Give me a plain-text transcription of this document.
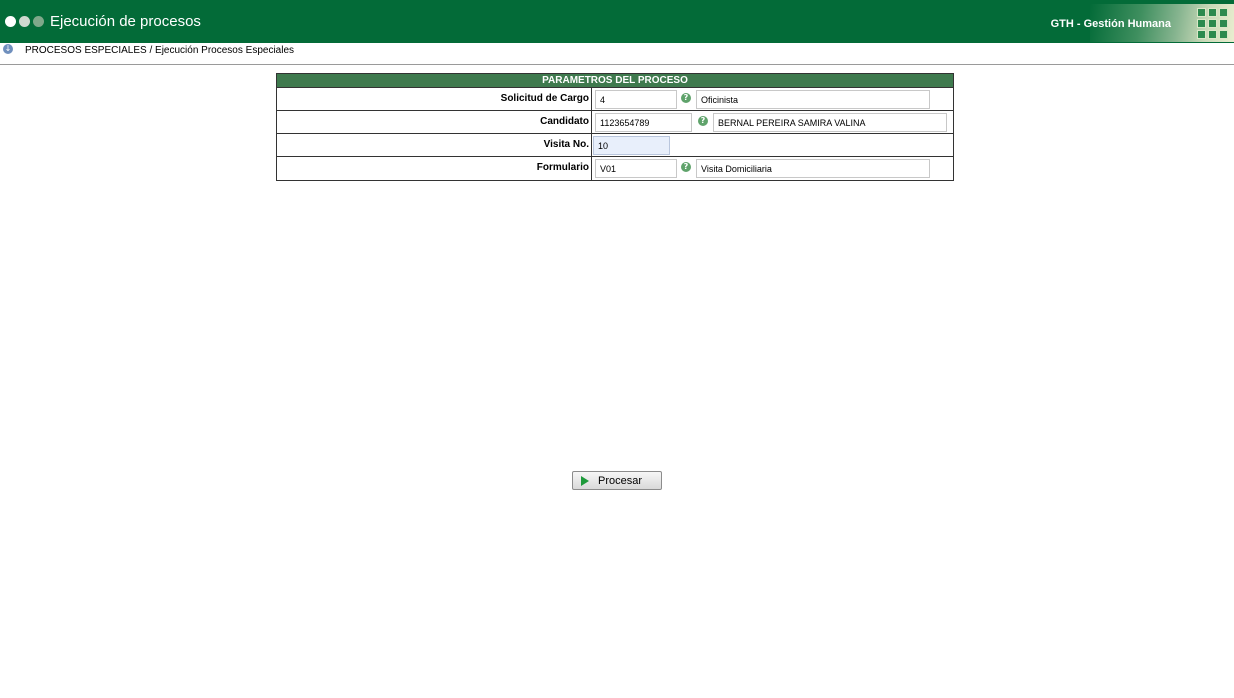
Ejecución de procesos	GTH - Gestión Humana
↓ PROCESOS ESPECIALES / Ejecución Procesos Especiales
PARAMETROS DEL PROCESO
Solicitud de Cargo	4	?	Oficinista
Candidato	1123654789	?	BERNAL PEREIRA SAMIRA VALINA
Visita No.	10
Formulario	V01	?	Visita Domiciliaria
Procesar
